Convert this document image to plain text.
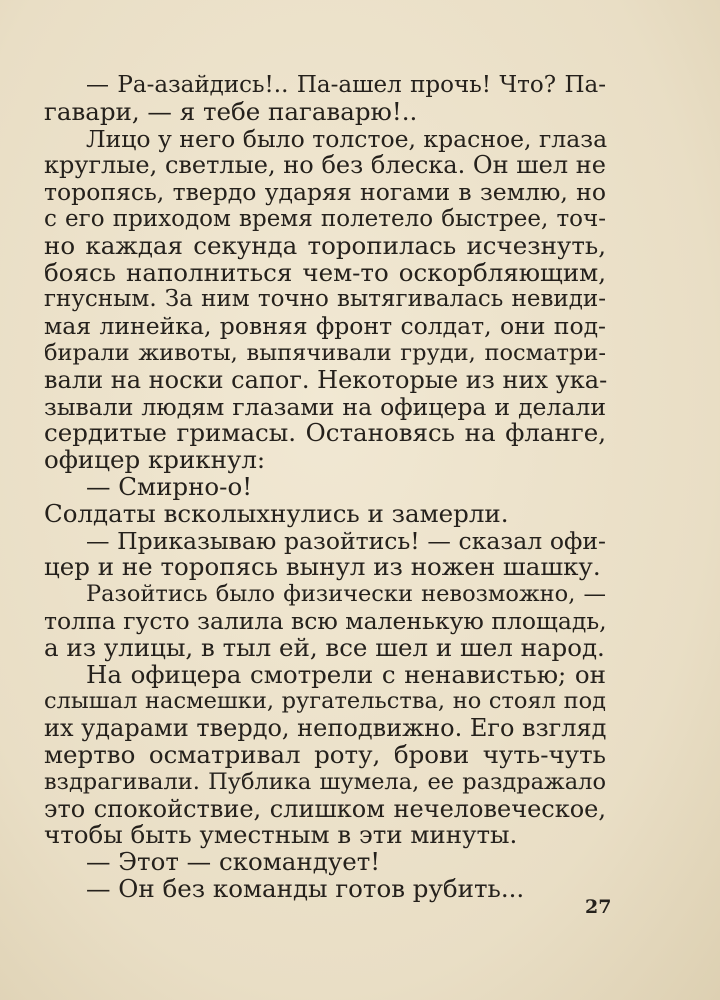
— Ра-азайдись!.. Па-ашел прочь! Что? Па-
гавари, — я тебе пагаварю!..
Лицо у него было толстое, красное, глаза
круглые, светлые, но без блеска. Он шел не
торопясь, твердо ударяя ногами в землю, но
с его приходом время полетело быстрее, точ-
но каждая секунда торопилась исчезнуть,
боясь наполниться чем-то оскорбляющим,
гнусным. За ним точно вытягивалась невиди-
мая линейка, ровняя фронт солдат, они под-
бирали животы, выпячивали груди, посматри-
вали на носки сапог. Некоторые из них ука-
зывали людям глазами на офицера и делали
сердитые гримасы. Остановясь на фланге,
офицер крикнул:
— Смирно-о!
Солдаты всколыхнулись и замерли.
— Приказываю разойтись! — сказал офи-
цер и не торопясь вынул из ножен шашку.
Разойтись было физически невозможно, —
толпа густо залила всю маленькую площадь,
а из улицы, в тыл ей, все шел и шел народ.
На офицера смотрели с ненавистью; он
слышал насмешки, ругательства, но стоял под
их ударами твердо, неподвижно. Его взгляд
мертво осматривал роту, брови чуть-чуть
вздрагивали. Публика шумела, ее раздражало
это спокойствие, слишком нечеловеческое,
чтобы быть уместным в эти минуты.
— Этот — скомандует!
— Он без команды готов рубить...
27
